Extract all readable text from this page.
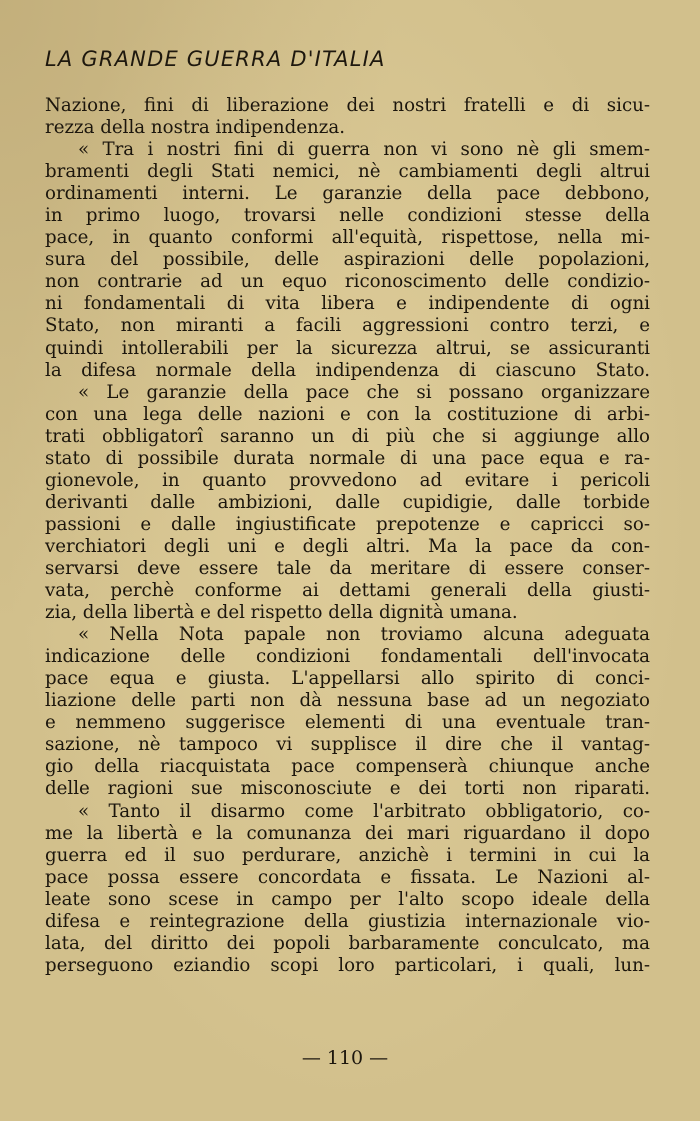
LA GRANDE GUERRA D'ITALIA
Nazione, fini di liberazione dei nostri fratelli e di sicu-
rezza della nostra indipendenza.
« Tra i nostri fini di guerra non vi sono nè gli smem-
bramenti degli Stati nemici, nè cambiamenti degli altrui
ordinamenti interni. Le garanzie della pace debbono,
in primo luogo, trovarsi nelle condizioni stesse della
pace, in quanto conformi all'equità, rispettose, nella mi-
sura del possibile, delle aspirazioni delle popolazioni,
non contrarie ad un equo riconoscimento delle condizio-
ni fondamentali di vita libera e indipendente di ogni
Stato, non miranti a facili aggressioni contro terzi, e
quindi intollerabili per la sicurezza altrui, se assicuranti
la difesa normale della indipendenza di ciascuno Stato.
« Le garanzie della pace che si possano organizzare
con una lega delle nazioni e con la costituzione di arbi-
trati obbligatorî saranno un di più che si aggiunge allo
stato di possibile durata normale di una pace equa e ra-
gionevole, in quanto provvedono ad evitare i pericoli
derivanti dalle ambizioni, dalle cupidigie, dalle torbide
passioni e dalle ingiustificate prepotenze e capricci so-
verchiatori degli uni e degli altri. Ma la pace da con-
servarsi deve essere tale da meritare di essere conser-
vata, perchè conforme ai dettami generali della giusti-
zia, della libertà e del rispetto della dignità umana.
« Nella Nota papale non troviamo alcuna adeguata
indicazione delle condizioni fondamentali dell'invocata
pace equa e giusta. L'appellarsi allo spirito di conci-
liazione delle parti non dà nessuna base ad un negoziato
e nemmeno suggerisce elementi di una eventuale tran-
sazione, nè tampoco vi supplisce il dire che il vantag-
gio della riacquistata pace compenserà chiunque anche
delle ragioni sue misconosciute e dei torti non riparati.
« Tanto il disarmo come l'arbitrato obbligatorio, co-
me la libertà e la comunanza dei mari riguardano il dopo
guerra ed il suo perdurare, anzichè i termini in cui la
pace possa essere concordata e fissata. Le Nazioni al-
leate sono scese in campo per l'alto scopo ideale della
difesa e reintegrazione della giustizia internazionale vio-
lata, del diritto dei popoli barbaramente conculcato, ma
perseguono eziandio scopi loro particolari, i quali, lun-
— 110 —
